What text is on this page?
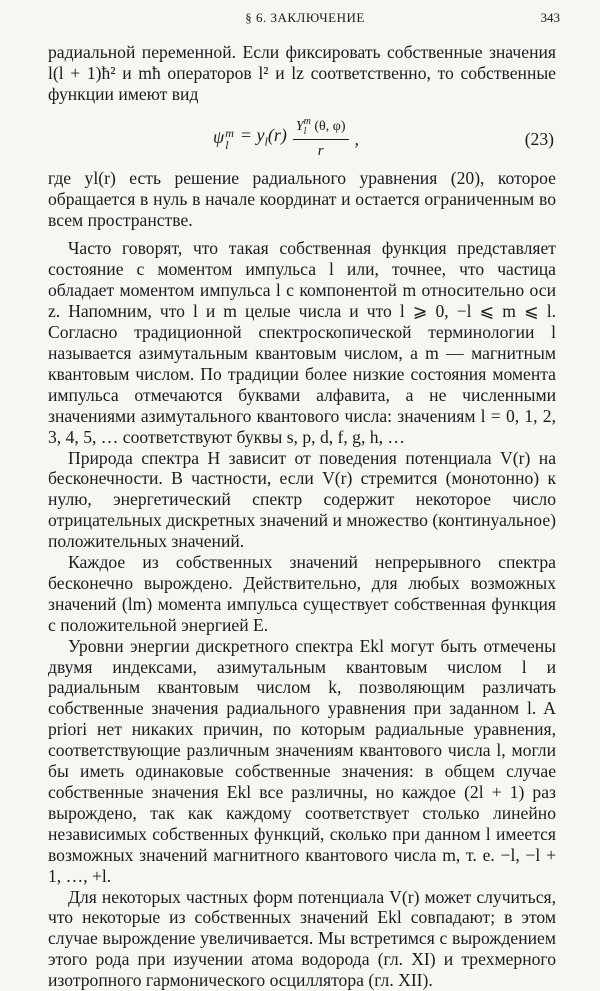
§ 6. ЗАКЛЮЧЕНИЕ	343

радиальной переменной. Если фиксировать собственные значения l(l + 1)ħ² и mħ операторов l² и lz соответственно, то собственные функции имеют вид

ψ m
$l = y_l(r)$ Y m
l (θ, φ)
r ,	(23)

где yl(r) есть решение радиального уравнения (20), которое обращается в нуль в начале координат и остается ограниченным во всем пространстве.

Часто говорят, что такая собственная функция представляет состояние с моментом импульса l или, точнее, что частица обладает моментом импульса l с компонентой m относительно оси z. Напомним, что l и m целые числа и что l ⩾ 0, −l ⩽ m ⩽ l. Согласно традиционной спектроскопической терминологии l называется азимутальным квантовым числом, а m — магнитным квантовым числом. По традиции более низкие состояния момента импульса отмечаются буквами алфавита, а не численными значениями азимутального квантового числа: значениям l = 0, 1, 2, 3, 4, 5, … соответствуют буквы s, p, d, f, g, h, …

Природа спектра H зависит от поведения потенциала V(r) на бесконечности. В частности, если V(r) стремится (монотонно) к нулю, энергетический спектр содержит некоторое число отрицательных дискретных значений и множество (континуальное) положительных значений.

Каждое из собственных значений непрерывного спектра бесконечно вырождено. Действительно, для любых возможных значений (lm) момента импульса существует собственная функция с положительной энергией E.

Уровни энергии дискретного спектра Ekl могут быть отмечены двумя индексами, азимутальным квантовым числом l и радиальным квантовым числом k, позволяющим различать собственные значения радиального уравнения при заданном l. A priori нет никаких причин, по которым радиальные уравнения, соответствующие различным значениям квантового числа l, могли бы иметь одинаковые собственные значения: в общем случае собственные значения Ekl все различны, но каждое (2l + 1) раз вырождено, так как каждому соответствует столько линейно независимых собственных функций, сколько при данном l имеется возможных значений магнитного квантового числа m, т. е. −l, −l + 1, …, +l.

Для некоторых частных форм потенциала V(r) может случиться, что некоторые из собственных значений Ekl совпадают; в этом случае вырождение увеличивается. Мы встретимся с вырождением этого рода при изучении атома водорода (гл. XI) и трехмерного изотропного гармонического осциллятора (гл. XII).
